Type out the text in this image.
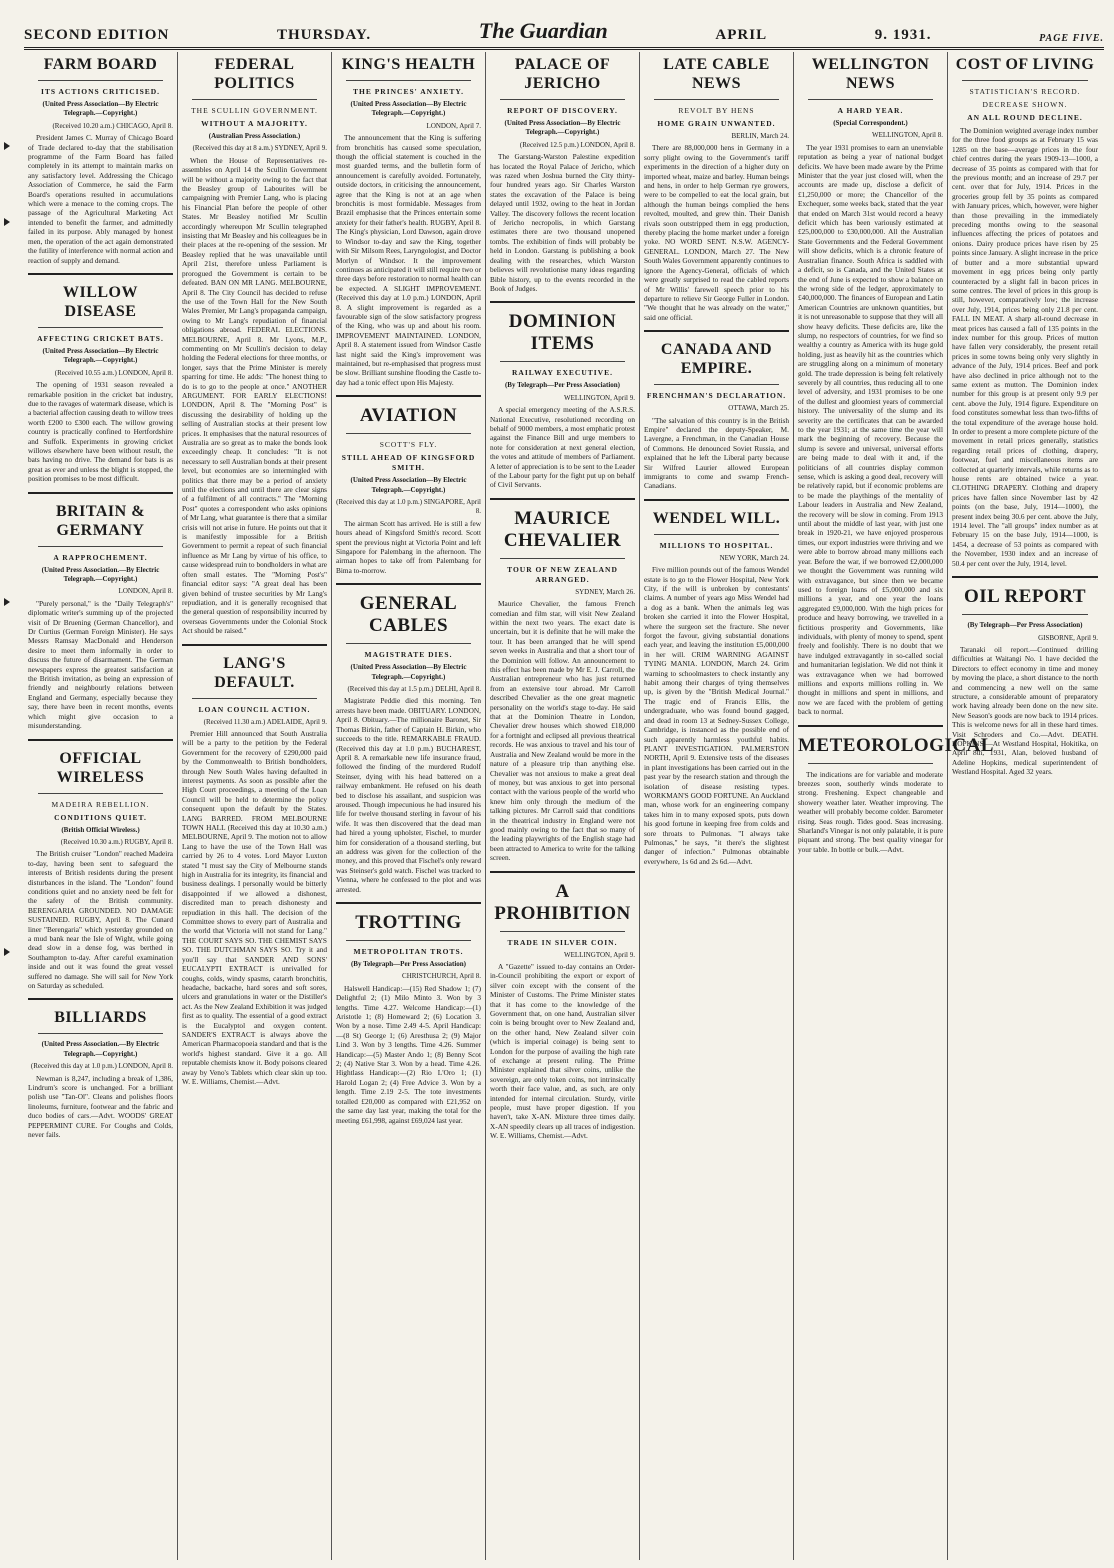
SECOND EDITION	THURSDAY.	The Guardian	APRIL	9. 1931.	PAGE FIVE.
FARM BOARD
ITS ACTIONS CRITICISED.
(United Press Association—By Electric Telegraph.—Copyright.)
(Received 10.20 a.m.) CHICAGO, April 8.

President James C. Murray of Chicago Board of Trade declared to-day that the stabilisation programme of the Farm Board has failed completely in its attempt to maintain marks on any satisfactory level. Addressing the Chicago Association of Commerce, he said the Farm Board's operations resulted in accumulations which were a menace to the coming crops. The passage of the Agricultural Marketing Act intended to benefit the farmer, and admittedly failed in its purpose. Ably managed by honest men, the operation of the act again demonstrated the futility of interference with normal action and reaction of supply and demand.

WILLOW DISEASE
AFFECTING CRICKET BATS.
(United Press Association—By Electric Telegraph.—Copyright.)
(Received 10.55 a.m.) LONDON, April 8.

The opening of 1931 season revealed a remarkable position in the cricket bat industry, due to the ravages of watermark disease, which is a bacterial affection causing death to willow trees worth £200 to £300 each. The willow growing country is practically confined to Hertfordshire and Suffolk. Experiments in growing cricket willows elsewhere have been without result, the bats having no drive. The demand for bats is as great as ever and unless the blight is stopped, the position promises to be most difficult.

BRITAIN & GERMANY
A RAPPROCHEMENT.
(United Press Association.—By Electric Telegraph.—Copyright.)
LONDON, April 8.

"Purely personal," is the "Daily Telegraph's" diplomatic writer's summing up of the projected visit of Dr Bruening (German Chancellor), and Dr Curtius (German Foreign Minister). He says Messrs Ramsay MacDonald and Henderson desire to meet them informally in order to discuss the future of disarmament. The German newspapers express the greatest satisfaction at the British invitation, as being an expression of friendly and neighbourly relations between England and Germany, especially because they say, there have been in recent months, events which might give occasion to a misunderstanding.

OFFICIAL WIRELESS
MADEIRA REBELLION.
CONDITIONS QUIET.
(British Official Wireless.)
(Received 10.30 a.m.) RUGBY, April 8.

The British cruiser "London" reached Madeira to-day, having been sent to safeguard the interests of British residents during the present disturbances in the island. The "London" found conditions quiet and no anxiety need be felt for the safety of the British community. BERENGARIA GROUNDED. NO DAMAGE SUSTAINED. RUGBY, April 8. The Cunard liner "Berengaria" which yesterday grounded on a mud bank near the Isle of Wight, while going dead slow in a dense fog, was berthed in Southampton to-day. After careful examination inside and out it was found the great vessel suffered no damage. She will sail for New York on Saturday as scheduled.

BILLIARDS
(United Press Association.—By Electric Telegraph.—Copyright.)
(Received this day at 1.0 p.m.) LONDON, April 8.

Newman is 8,247, including a break of 1,386, Lindrum's score is unchanged. For a brilliant polish use "Tan-Ol". Cleans and polishes floors linoleums, furniture, footwear and the fabric and duco bodies of cars.—Advt. WOODS' GREAT PEPPERMINT CURE. For Coughs and Colds, never fails.

FEDERAL POLITICS
THE SCULLIN GOVERNMENT.
WITHOUT A MAJORITY.
(Australian Press Association.)
(Received this day at 8 a.m.) SYDNEY, April 9.

When the House of Representatives re-assembles on April 14 the Scullin Government will be without a majority owing to the fact that the Beasley group of Labourites will be campaigning with Premier Lang, who is placing his Financial Plan before the people of other States. Mr Beasley notified Mr Scullin accordingly whereupon Mr Scullin telegraphed insisting that Mr Beasley and his colleagues be in their places at the re-opening of the session. Mr Beasley replied that he was unavailable until April 21st, therefore unless Parliament is prorogued the Government is certain to be defeated. BAN ON MR LANG. MELBOURNE, April 8. The City Council has decided to refuse the use of the Town Hall for the New South Wales Premier, Mr Lang's propaganda campaign, owing to Mr Lang's repudiation of financial obligations abroad. FEDERAL ELECTIONS. MELBOURNE, April 8. Mr Lyons, M.P., commenting on Mr Scullin's decision to delay holding the Federal elections for three months, or longer, says that the Prime Minister is merely sparring for time. He adds: "The honest thing to do is to go to the people at once." ANOTHER ARGUMENT. FOR EARLY ELECTIONS! LONDON, April 8. The "Morning Post" is discussing the desirability of holding up the selling of Australian stocks at their present low prices. It emphasises that the natural resources of Australia are so great as to make the bonds look exceedingly cheap. It concludes: "It is not necessary to sell Australian bonds at their present level, but economies are so intermingled with politics that there may be a period of anxiety until the elections and until there are clear signs of a fulfilment of all contracts." The "Morning Post" quotes a correspondent who asks opinions of Mr Lang, what guarantee is there that a similar crisis will not arise in future. He points out that it is manifestly impossible for a British Government to permit a repeat of such financial influence as Mr Lang by virtue of his office, to cause widespread ruin to bondholders in what are often small estates. The "Morning Post's" financial editor says: "A great deal has been given behind of trustee securities by Mr Lang's repudiation, and it is generally recognised that the general question of responsibility incurred by overseas Governments under the Colonial Stock Act should be raised."

LANG'S DEFAULT.
LOAN COUNCIL ACTION.
(Received 11.30 a.m.) ADELAIDE, April 9.

Premier Hill announced that South Australia will be a party to the petition by the Federal Government for the recovery of £290,000 paid by the Commonwealth to British bondholders, through New South Wales having defaulted in interest payments. As soon as possible after the High Court proceedings, a meeting of the Loan Council will be held to determine the policy consequent upon the default by the States. LANG BARRED. FROM MELBOURNE TOWN HALL (Received this day at 10.30 a.m.) MELBOURNE, April 9. The motion not to allow Lang to have the use of the Town Hall was carried by 26 to 4 votes. Lord Mayor Luxton stated "I must say the City of Melbourne stands high in Australia for its integrity, its financial and business dealings. I personally would be bitterly disappointed if we allowed a dishonest, discredited man to preach dishonesty and repudiation in this hall. The decision of the Committee shows to every part of Australia and the world that Victoria will not stand for Lang." THE COURT SAYS SO. THE CHEMIST SAYS SO. THE DUTCHMAN SAYS SO. Try it and you'll say that SANDER AND SONS' EUCALYPTI EXTRACT is unrivalled for coughs, colds, windy spasms, catarrh bronchitis, headache, backache, hard sores and soft sores, ulcers and granulations in water or the Distiller's act. As the New Zealand Exhibition it was judged first as to quality. The essential of a good extract is the Eucalyptol and oxygen content. SANDER'S EXTRACT is always above the American Pharmacopoeia standard and that is the world's highest standard. Give it a go. All reputable chemists know it. Body poisons cleared away by Veno's Tablets which clear skin up too. W. E. Williams, Chemist.—Advt.

KING'S HEALTH
THE PRINCES' ANXIETY.
(United Press Association—By Electric Telegraph.—Copyright.)
LONDON, April 7.

The announcement that the King is suffering from bronchitis has caused some speculation, though the official statement is couched in the most guarded terms, and the bulletin form of announcement is carefully avoided. Fortunately, outside doctors, in criticising the announcement, agree that the King is not at an age when bronchitis is most formidable. Messages from Brazil emphasise that the Princes entertain some anxiety for their father's health. RUGBY, April 8. The King's physician, Lord Dawson, again drove to Windsor to-day and saw the King, together with Sir Milsom Rees, Laryngologist, and Doctor Morlyn of Windsor. It the improvement continues as anticipated it will still require two or three days before restoration to normal health can be expected. A SLIGHT IMPROVEMENT. (Received this day at 1.0 p.m.) LONDON, April 8. A slight improvement is regarded as a favourable sign of the slow satisfactory progress of the King, who was up and about his room. IMPROVEMENT MAINTAINED. LONDON, April 8. A statement issued from Windsor Castle last night said the King's improvement was maintained, but re-emphasised that progress must be slow. Brilliant sunshine flooding the Castle to-day had a tonic effect upon His Majesty.

AVIATION
SCOTT'S FLY.
STILL AHEAD OF KINGSFORD SMITH.
(United Press Association—By Electric Telegraph.—Copyright.)
(Received this day at 1.0 p.m.) SINGAPORE, April 8.

The airman Scott has arrived. He is still a few hours ahead of Kingsford Smith's record. Scott spent the previous night at Victoria Point and left Singapore for Palembang in the afternoon. The airman hopes to take off from Palembang for Bima to-morrow.

GENERAL CABLES
MAGISTRATE DIES.
(United Press Association—By Electric Telegraph.—Copyright.)
(Received this day at 1.5 p.m.) DELHI, April 8.

Magistrate Peddie died this morning. Ten arrests have been made. OBITUARY. LONDON, April 8. Obituary.—The millionaire Baronet, Sir Thomas Birkin, father of Captain H. Birkin, who succeeds to the title. REMARKABLE FRAUD. (Received this day at 1.0 p.m.) BUCHAREST, April 8. A remarkable new life insurance fraud, followed the finding of the murdered Rudolf Steinser, dying with his head battered on a railway embankment. He refused on his death bed to disclose his assailant, and suspicion was aroused. Though impecunious he had insured his life for twelve thousand sterling in favour of his wife. It was then discovered that the dead man had hired a young upholster, Fischel, to murder him for consideration of a thousand sterling, but an address was given for the collection of the money, and this proved that Fischel's only reward was Steinser's gold watch. Fischel was tracked to Vienna, where he confessed to the plot and was arrested.

TROTTING
METROPOLITAN TROTS.
(By Telegraph—Per Press Association)
CHRISTCHURCH, April 8.

Halswell Handicap:—(15) Red Shadow 1; (7) Delightful 2; (1) Milo Minto 3. Won by 3 lengths. Time 4.27. Welcome Handicap:—(1) Aristotle 1; (8) Homeward 2; (6) Location 3. Won by a nose. Time 2.49 4-5. April Handicap:—(8 St) George 1; (6) Aresthusa 2; (9) Major Lind 3. Won by 3 lengths. Time 4.26. Summer Handicap:—(5) Master Ando 1; (8) Benny Scot 2; (4) Native Star 3. Won by a head. Time 4.26. Hightlass Handicap:—(2) Rio L'Oro 1; (1) Harold Logan 2; (4) Free Advice 3. Won by a length. Time 2.19 2-5. The tote investments totalled £20,000 as compared with £21,952 on the same day last year, making the total for the meeting £61,998, against £69,024 last year.

PALACE OF JERICHO
REPORT OF DISCOVERY.
(United Press Association—By Electric Telegraph.—Copyright.)
(Received 12.5 p.m.) LONDON, April 8.

The Garstang-Warston Palestine expedition has located the Royal Palace of Jericho, which was razed when Joshua burned the City thirty-four hundred years ago. Sir Charles Warston states the excavation of the Palace is being delayed until 1932, owing to the heat in Jordan Valley. The discovery follows the recent location of Jericho necropolis, in which Garstang estimates there are two thousand unopened tombs. The exhibition of finds will probably be held in London. Garstang is publishing a book dealing with the researches, which Warston believes will revolutionise many ideas regarding Bible history, up to the events recorded in the Book of Judges.

DOMINION ITEMS
RAILWAY EXECUTIVE.
(By Telegraph—Per Press Association)
WELLINGTON, April 9.

A special emergency meeting of the A.S.R.S. National Executive, resolutioned recording on behalf of 9000 members, a most emphatic protest against the Finance Bill and urge members to note for consideration at next general election, the votes and attitude of members of Parliament. A letter of appreciation is to be sent to the Leader of the Labour party for the fight put up on behalf of Civil Servants.

MAURICE CHEVALIER
TOUR OF NEW ZEALAND ARRANGED.
SYDNEY, March 26.

Maurice Chevalier, the famous French comedian and film star, will visit New Zealand within the next two years. The exact date is uncertain, but it is definite that he will make the tour. It has been arranged that he will spend seven weeks in Australia and that a short tour of the Dominion will follow. An announcement to this effect has been made by Mr E. J. Carroll, the Australian entrepreneur who has just returned from an extensive tour abroad. Mr Carroll described Chevalier as the one great magnetic personality on the world's stage to-day. He said that at the Dominion Theatre in London, Chevalier drew houses which showed £18,000 for a fortnight and eclipsed all previous theatrical records. He was anxious to travel and his tour of Australia and New Zealand would be more in the nature of a pleasure trip than anything else. Chevalier was not anxious to make a great deal of money, but was anxious to get into personal contact with the various people of the world who knew him only through the medium of the talking pictures. Mr Carroll said that conditions in the theatrical industry in England were not good mainly owing to the fact that so many of the leading playwrights of the English stage had been attracted to America to write for the talking screen.

A PROHIBITION
TRADE IN SILVER COIN.
WELLINGTON, April 9.

A "Gazette" issued to-day contains an Order-in-Council prohibiting the export or export of silver coin except with the consent of the Minister of Customs. The Prime Minister states that it has come to the knowledge of the Government that, on one hand, Australian silver coin is being brought over to New Zealand and, on the other hand, New Zealand silver coin (which is imperial coinage) is being sent to London for the purpose of availing the high rate of exchange at present ruling. The Prime Minister explained that silver coins, unlike the sovereign, are only token coins, not intrinsically worth their face value, and, as such, are only intended for internal circulation. Sturdy, virile people, must have proper digestion. If you haven't, take X-AN. Mixture three times daily. X-AN speedily clears up all traces of indigestion. W. E. Williams, Chemist.—Advt.

LATE CABLE NEWS
REVOLT BY HENS
HOME GRAIN UNWANTED.
BERLIN, March 24.

There are 88,000,000 hens in Germany in a sorry plight owing to the Government's tariff experiments in the direction of a higher duty on imported wheat, maize and barley. Human beings and hens, in order to help German rye growers, were to be compelled to eat the local grain, but although the human beings complied the hens revolted, moulted, and grew thin. Their Danish rivals soon outstripped them in egg production, thereby placing the home market under a foreign yoke. NO WORD SENT. N.S.W. AGENCY-GENERAL. LONDON, March 27. The New South Wales Government apparently continues to ignore the Agency-General, officials of which were greatly surprised to read the cabled reports of Mr Willis' farewell speech prior to his departure to relieve Sir George Fuller in London. "We thought that he was already on the water," said one official.

CANADA AND EMPIRE.
FRENCHMAN'S DECLARATION.
OTTAWA, March 25.

"The salvation of this country is in the British Empire" declared the deputy-Speaker, M. Lavergne, a Frenchman, in the Canadian House of Commons. He denounced Soviet Russia, and explained that he left the Liberal party because Sir Wilfred Laurier allowed European immigrants to come and swamp French-Canadians.

WENDEL WILL.
MILLIONS TO HOSPITAL.
NEW YORK, March 24.

Five million pounds out of the famous Wendel estate is to go to the Flower Hospital, New York City, if the will is unbroken by contestants' claims. A number of years ago Miss Wendel had a dog as a bank. When the animals leg was broken she carried it into the Flower Hospital, where the surgeon set the fracture. She never forgot the favour, giving substantial donations each year, and leaving the institution £5,000,000 in her will. CRIM WARNING AGAINST TYING MANIA. LONDON, March 24. Grim warning to schoolmasters to check instantly any habit among their charges of tying themselves up, is given by the "British Medical Journal." The tragic end of Francis Ellis, the undergraduate, who was found bound gagged, and dead in room 13 at Sedney-Sussex College, Cambridge, is instanced as the possible end of such apparently harmless youthful habits. PLANT INVESTIGATION. PALMERSTON NORTH, April 9. Extensive tests of the diseases in plant investigations has been carried out in the past year by the research station and through the isolation of disease resisting types. WORKMAN'S GOOD FORTUNE. An Auckland man, whose work for an engineering company takes him in to many exposed spots, puts down his good fortune in keeping free from colds and sore throats to Pulmonas. "I always take Pulmonas," he says, "it there's the slightest danger of infection." Pulmonas obtainable everywhere, 1s 6d and 2s 6d.—Advt.

WELLINGTON NEWS
A HARD YEAR.
(Special Correspondent.)
WELLINGTON, April 8.

The year 1931 promises to earn an unenviable reputation as being a year of national budget deficits. We have been made aware by the Prime Minister that the year just closed will, when the accounts are made up, disclose a deficit of £1,250,000 or more; the Chancellor of the Exchequer, some weeks back, stated that the year that ended on March 31st would record a heavy deficit which has been variously estimated at £25,000,000 to £30,000,000. All the Australian State Governments and the Federal Government will show deficits, which is a chronic feature of Australian finance. South Africa is saddled with a deficit, so is Canada, and the United States at the end of June is expected to show a balance on the wrong side of the ledger, approximately to £40,000,000. The finances of European and Latin American Countries are unknown quantities, but it is not unreasonable to suppose that they will all show heavy deficits. These deficits are, like the slump, no respectors of countries, for we find so wealthy a country as America with its huge gold holding, just as heavily hit as the countries which are struggling along on a minimum of monetary gold. The trade depression is being felt relatively severely by all countries, thus reducing all to one level of adversity, and 1931 promises to be one of the dullest and gloomiest years of commercial history. The universality of the slump and its severity are the certificates that can be awarded to the year 1931; at the same time the year will mark the beginning of recovery. Because the slump is severe and universal, universal efforts are being made to deal with it and, if the politicians of all countries display common sense, which is asking a good deal, recovery will be relatively rapid, but if economic problems are to be made the playthings of the mentality of Labour leaders in Australia and New Zealand, the recovery will be slow in coming. From 1913 until about the middle of last year, with just one break in 1920-21, we have enjoyed prosperous times, our export industries were thriving and we were able to borrow abroad many millions each year. Before the war, if we borrowed £2,000,000 we thought the Government was running wild with extravagance, but since then we became used to foreign loans of £5,000,000 and six millions a year, and one year the loans aggregated £9,000,000. With the high prices for produce and heavy borrowing, we travelled in a fictitious prosperity and Governments, like individuals, with plenty of money to spend, spent freely and foolishly. There is no doubt that we have indulged extravagantly in so-called social and humanitarian legislation. We did not think it was extravagance when we had borrowed millions and exports millions rolling in. We thought in millions and spent in millions, and now we are faced with the problem of getting back to normal.

METEOROLOGICAL

The indications are for variable and moderate breezes soon, southerly winds moderate to strong. Freshening. Expect changeable and showery weather later. Weather improving. The weather will probably become colder. Barometer rising. Seas rough. Tides good. Seas increasing. Sharland's Vinegar is not only palatable, it is pure piquant and strong. The best quality vinegar for your table. In bottle or bulk.—Advt.

COST OF LIVING
STATISTICIAN'S RECORD.
DECREASE SHOWN.
AN ALL ROUND DECLINE.

The Dominion weighted average index number for the three food groups as at February 15 was 1285 on the base—average prices in the four chief centres during the years 1909-13—1000, a decrease of 35 points as compared with that for the previous month; and an increase of 29.7 per cent. over that for July, 1914. Prices in the groceries group fell by 35 points as compared with January prices, which, however, were higher than those prevailing in the immediately preceding months owing to the seasonal influences affecting the prices of potatoes and onions. Dairy produce prices have risen by 25 points since January. A slight increase in the price of butter and a more substantial upward movement in egg prices being only partly counteracted by a slight fall in bacon prices in some centres. The level of prices in this group is still, however, comparatively low; the increase over July, 1914, prices being only 21.8 per cent. FALL IN MEAT. A sharp all-round decrease in meat prices has caused a fall of 135 points in the index number for this group. Prices of mutton have fallen very considerably, the present retail prices in some towns being only very slightly in advance of the July, 1914 prices. Beef and pork have also declined in price although not to the same extent as mutton. The Dominion index number for this group is at present only 9.9 per cent. above the July, 1914 figure. Expenditure on food constitutes somewhat less than two-fifths of the total expenditure of the average house hold. In order to present a more complete picture of the movement in retail prices generally, statistics regarding retail prices of clothing, drapery, footwear, fuel and miscellaneous items are collected at quarterly intervals, while returns as to house rents are obtained twice a year. CLOTHING DRAPERY. Clothing and drapery prices have fallen since November last by 42 points (on the base, July, 1914—1000), the present index being 30.6 per cent. above the July, 1914 level. The "all groups" index number as at February 15 on the base July, 1914—1000, is 1454, a decrease of 53 points as compared with the November, 1930 index and an increase of 50.4 per cent over the July, 1914, level.

OIL REPORT
(By Telegraph—Per Press Association)
GISBORNE, April 9.

Taranaki oil report.—Continued drilling difficulties at Waitangi No. 1 have decided the Directors to effect economy in time and money by moving the place, a short distance to the north and commencing a new well on the same structure, a considerable amount of preparatory work having already been done on the new site. New Season's goods are now back to 1914 prices. This is welcome news for all in these hard times. Visit Schroders and Co.—Advt. DEATH. HOPKINS.—At Westland Hospital, Hokitika, on April 8th, 1931, Alan, beloved husband of Adeline Hopkins, medical superintendent of Westland Hospital. Aged 32 years.
